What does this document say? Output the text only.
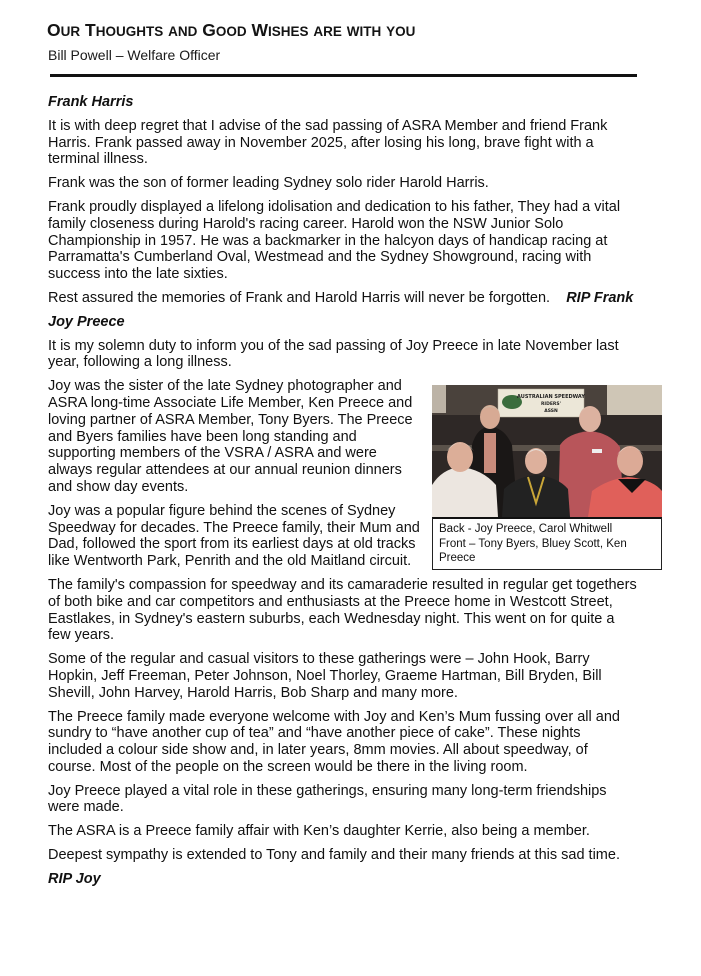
OUR THOUGHTS AND GOOD WISHES ARE WITH YOU
Bill Powell – Welfare Officer
Frank Harris

It is with deep regret that I advise of the sad passing of ASRA Member and friend Frank Harris. Frank passed away in November 2025, after losing his long, brave fight with a terminal illness.

Frank was the son of former leading Sydney solo rider Harold Harris.

Frank proudly displayed a lifelong idolisation and dedication to his father, They had a vital family closeness during Harold's racing career. Harold won the NSW Junior Solo Championship in 1957. He was a backmarker in the halcyon days of handicap racing at Parramatta's Cumberland Oval, Westmead and the Sydney Showground, racing with success into the late sixties.

Rest assured the memories of Frank and Harold Harris will never be forgotten. RIP Frank

Joy Preece

It is my solemn duty to inform you of the sad passing of Joy Preece in late November last year, following a long illness.

Joy was the sister of the late Sydney photographer and ASRA long-time Associate Life Member, Ken Preece and loving partner of ASRA Member, Tony Byers. The Preece and Byers families have been long standing and supporting members of the VSRA / ASRA and were always regular attendees at our annual reunion dinners and show day events.

Joy was a popular figure behind the scenes of Sydney Speedway for decades. The Preece family, their Mum and Dad, followed the sport from its earliest days at old tracks like Wentworth Park, Penrith and the old Maitland circuit.

AUSTRALIAN SPEEDWAY
RIDERS'
ASSN
Back - Joy Preece, Carol Whitwell
Front – Tony Byers, Bluey Scott, Ken Preece

The family's compassion for speedway and its camaraderie resulted in regular get togethers of both bike and car competitors and enthusiasts at the Preece home in Westcott Street, Eastlakes, in Sydney's eastern suburbs, each Wednesday night. This went on for quite a few years.

Some of the regular and casual visitors to these gatherings were – John Hook, Barry Hopkin, Jeff Freeman, Peter Johnson, Noel Thorley, Graeme Hartman, Bill Bryden, Bill Shevill, John Harvey, Harold Harris, Bob Sharp and many more.

The Preece family made everyone welcome with Joy and Ken’s Mum fussing over all and sundry to “have another cup of tea” and “have another piece of cake”. These nights included a colour side show and, in later years, 8mm movies. All about speedway, of course. Most of the people on the screen would be there in the living room.

Joy Preece played a vital role in these gatherings, ensuring many long-term friendships were made.

The ASRA is a Preece family affair with Ken’s daughter Kerrie, also being a member.

Deepest sympathy is extended to Tony and family and their many friends at this sad time.

RIP Joy
